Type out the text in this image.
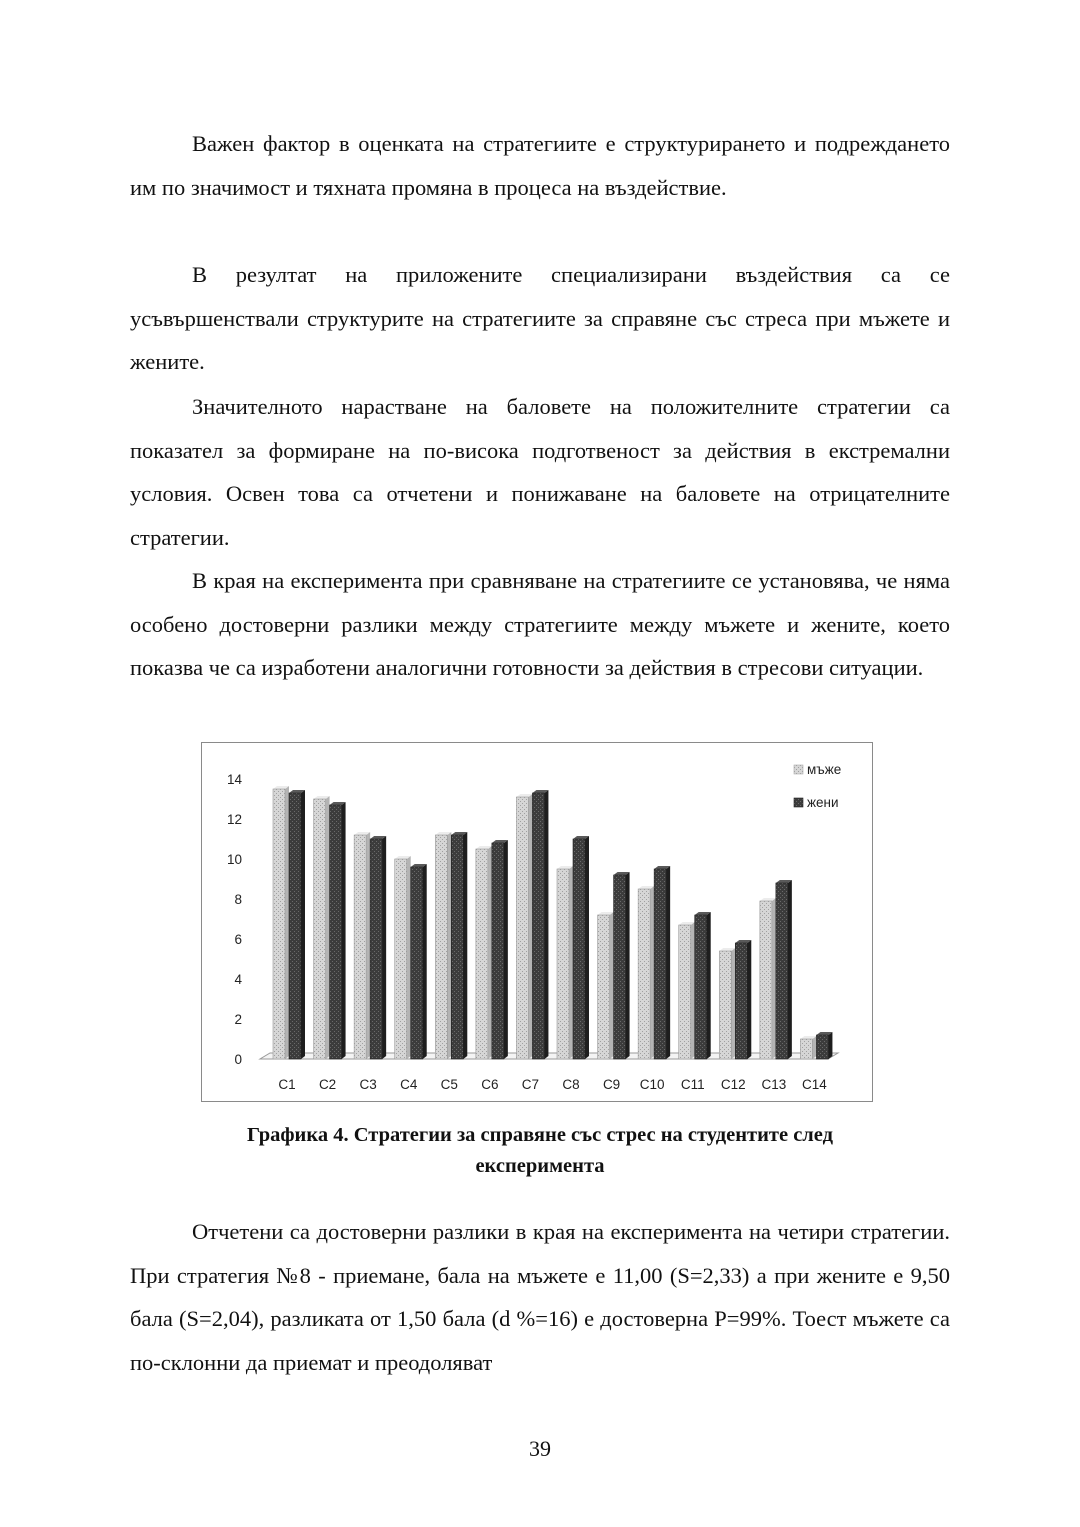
Важен фактор в оценката на стратегиите е структурирането и подреждането им по значимост и тяхната промяна в процеса на въздействие.

В резултат на приложените специализирани въздействия са се усъвършенствали структурите на стратегиите за справяне със стреса при мъжете и жените.

Значителното нарастване на баловете на положителните стратегии са показател за формиране на по-висока подготвеност за действия в екстремални условия. Освен това са отчетени и понижаване на баловете на отрицателните стратегии.

В края на експеримента при сравняване на стратегиите се установява, че няма особено достоверни разлики между стратегиите между мъжете и жените, което показва че са изработени аналогични готовности за действия в стресови ситуации.

0
2
4
6
8
10
12
14
C1 C2 C3 C4 C5 C6 C7 C8 C9 C10 C11 C12 C13 C14
мъже
жени
Графика 4. Стратегии за справяне със стрес на студентите след
експеримента

Отчетени са достоверни разлики в края на експеримента на четири стратегии. При стратегия №8 - приемане, бала на мъжете е 11,00 (S=2,33) а при жените е 9,50 бала (S=2,04), разликата от 1,50 бала (d %=16) е достоверна P=99%. Тоест мъжете са по-склонни да приемат и преодоляват

39
